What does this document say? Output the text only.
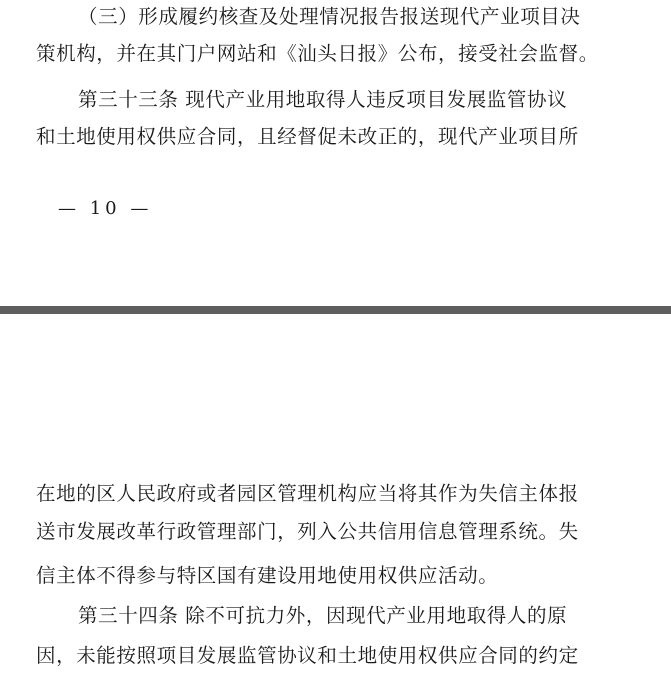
（三）形成履约核查及处理情况报告报送现代产业项目决

策机构，并在其门户网站和《汕头日报》公布，接受社会监督。

第三十三条 现代产业用地取得人违反项目发展监管协议

和土地使用权供应合同，且经督促未改正的，现代产业项目所

— 10 —

在地的区人民政府或者园区管理机构应当将其作为失信主体报

送市发展改革行政管理部门，列入公共信用信息管理系统。失

信主体不得参与特区国有建设用地使用权供应活动。

第三十四条 除不可抗力外，因现代产业用地取得人的原

因，未能按照项目发展监管协议和土地使用权供应合同的约定
